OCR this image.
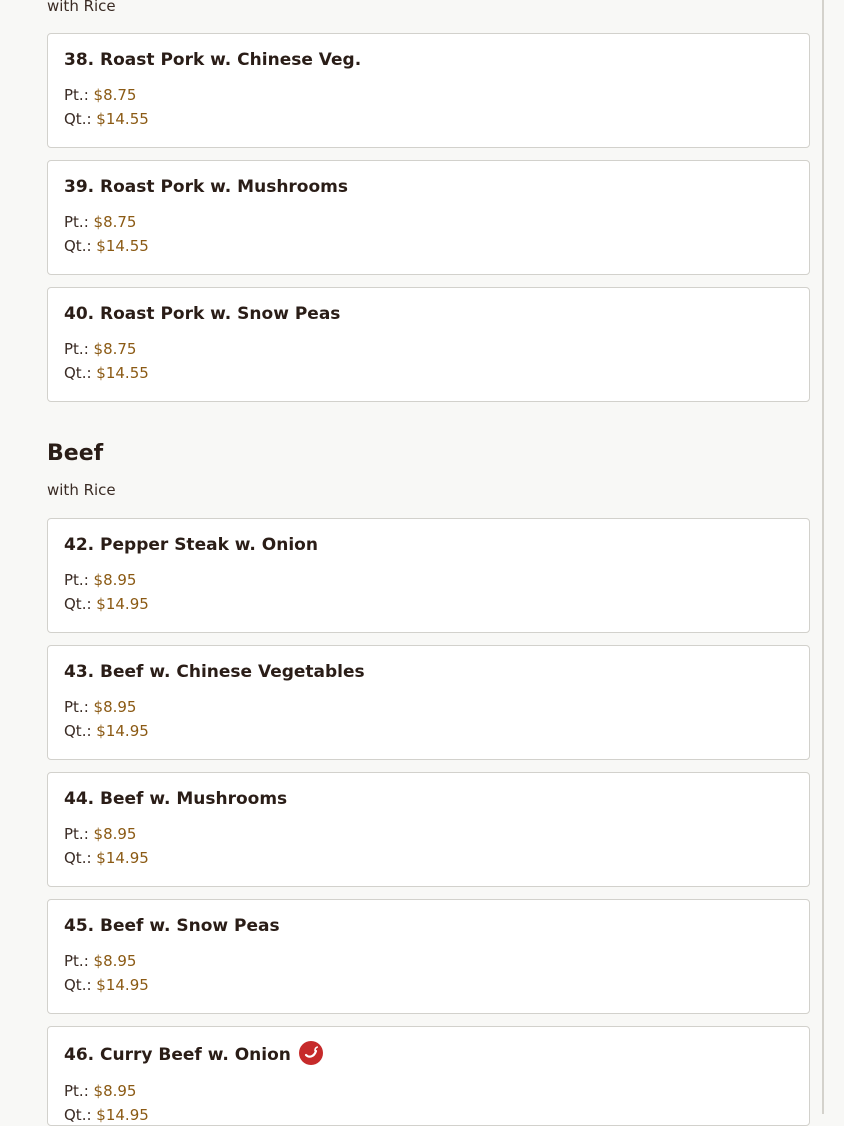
with Rice
38. Roast Pork w. Chinese Veg.
Pt.: $8.75
Qt.: $14.55
39. Roast Pork w. Mushrooms
Pt.: $8.75
Qt.: $14.55
40. Roast Pork w. Snow Peas
Pt.: $8.75
Qt.: $14.55
Beef
with Rice
42. Pepper Steak w. Onion
Pt.: $8.95
Qt.: $14.95
43. Beef w. Chinese Vegetables
Pt.: $8.95
Qt.: $14.95
44. Beef w. Mushrooms
Pt.: $8.95
Qt.: $14.95
45. Beef w. Snow Peas
Pt.: $8.95
Qt.: $14.95
46. Curry Beef w. Onion
Pt.: $8.95
Qt.: $14.95
